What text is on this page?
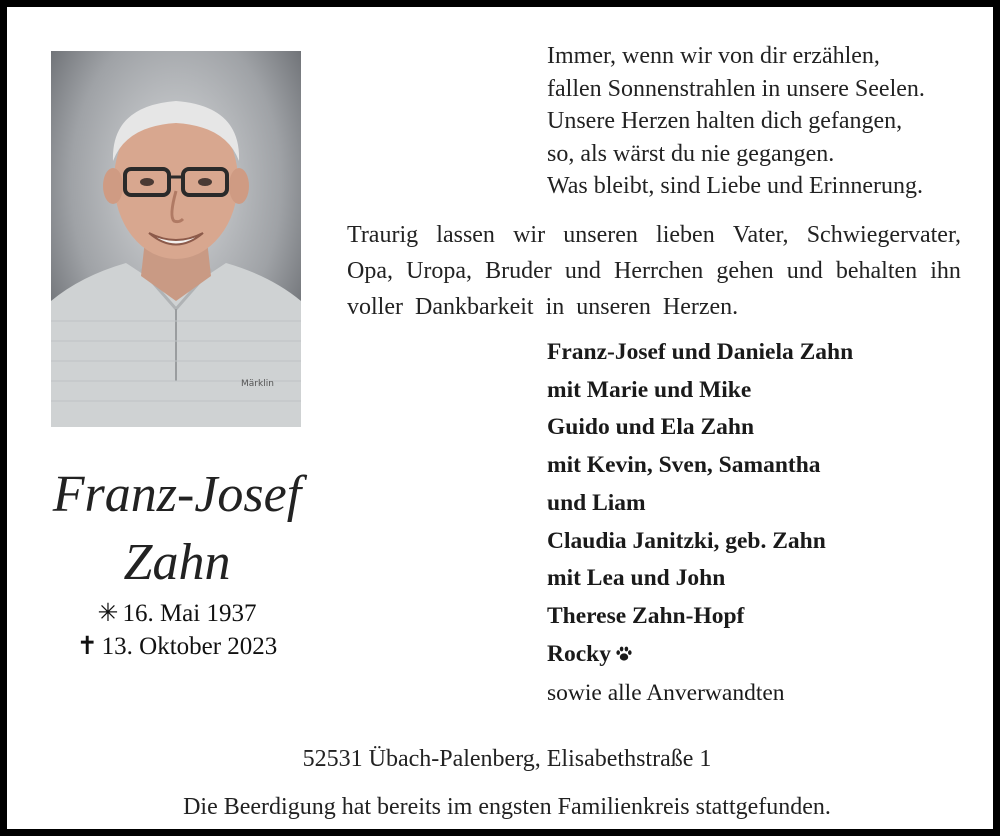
Märklin
Franz-Josef
Zahn
✳ 16. Mai 1937
✝ 13. Oktober 2023
Immer, wenn wir von dir erzählen,
fallen Sonnenstrahlen in unsere Seelen.
Unsere Herzen halten dich gefangen,
so, als wärst du nie gegangen.
Was bleibt, sind Liebe und Erinnerung.
Traurig lassen wir unseren lieben Vater, Schwiegervater,
Opa, Uropa, Bruder und Herrchen gehen und behalten ihn
voller Dankbarkeit in unseren Herzen.
Franz-Josef und Daniela Zahn
mit Marie und Mike
Guido und Ela Zahn
mit Kevin, Sven, Samantha
und Liam
Claudia Janitzki, geb. Zahn
mit Lea und John
Therese Zahn-Hopf
Rocky
sowie alle Anverwandten
52531 Übach-Palenberg, Elisabethstraße 1
Die Beerdigung hat bereits im engsten Familienkreis stattgefunden.
